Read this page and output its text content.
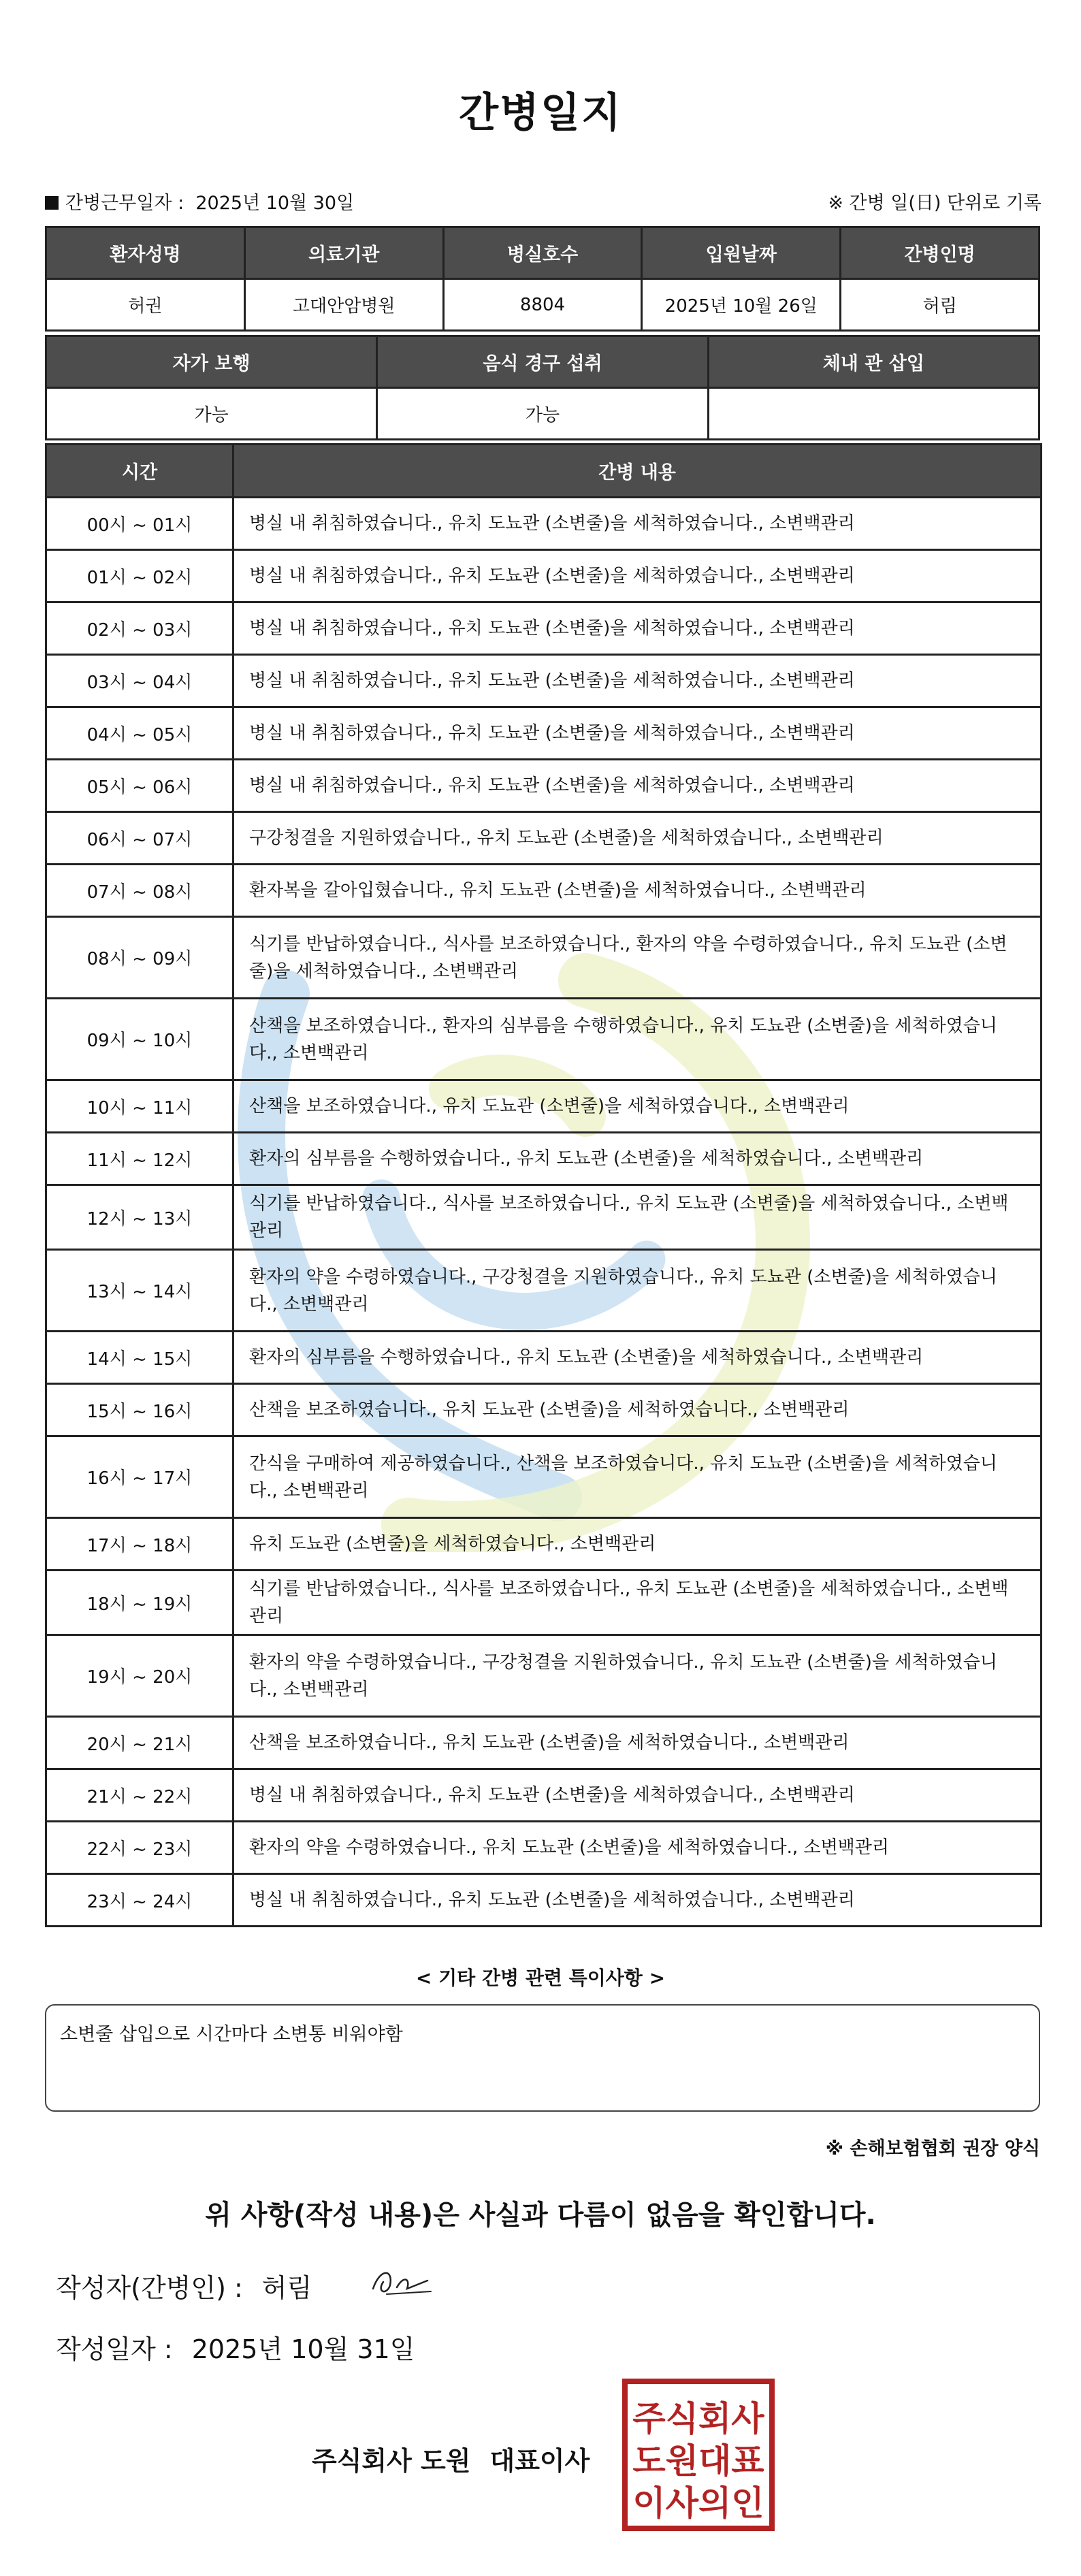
간병일지
간병근무일자 :  2025년 10월 30일	※ 간병 일(日) 단위로 기록
환자성명	의료기관	병실호수	입원날짜	간병인명
허권	고대안암병원	8804	2025년 10월 26일	허림
자가 보행	음식 경구 섭취	체내 관 삽입
가능	가능	
시간	간병 내용
00시 ~ 01시	병실 내 취침하였습니다., 유치 도뇨관 (소변줄)을 세척하였습니다., 소변백관리
01시 ~ 02시	병실 내 취침하였습니다., 유치 도뇨관 (소변줄)을 세척하였습니다., 소변백관리
02시 ~ 03시	병실 내 취침하였습니다., 유치 도뇨관 (소변줄)을 세척하였습니다., 소변백관리
03시 ~ 04시	병실 내 취침하였습니다., 유치 도뇨관 (소변줄)을 세척하였습니다., 소변백관리
04시 ~ 05시	병실 내 취침하였습니다., 유치 도뇨관 (소변줄)을 세척하였습니다., 소변백관리
05시 ~ 06시	병실 내 취침하였습니다., 유치 도뇨관 (소변줄)을 세척하였습니다., 소변백관리
06시 ~ 07시	구강청결을 지원하였습니다., 유치 도뇨관 (소변줄)을 세척하였습니다., 소변백관리
07시 ~ 08시	환자복을 갈아입혔습니다., 유치 도뇨관 (소변줄)을 세척하였습니다., 소변백관리
08시 ~ 09시	식기를 반납하였습니다., 식사를 보조하였습니다., 환자의 약을 수령하였습니다., 유치 도뇨관 (소변줄)을 세척하였습니다., 소변백관리
09시 ~ 10시	산책을 보조하였습니다., 환자의 심부름을 수행하였습니다., 유치 도뇨관 (소변줄)을 세척하였습니다., 소변백관리
10시 ~ 11시	산책을 보조하였습니다., 유치 도뇨관 (소변줄)을 세척하였습니다., 소변백관리
11시 ~ 12시	환자의 심부름을 수행하였습니다., 유치 도뇨관 (소변줄)을 세척하였습니다., 소변백관리
12시 ~ 13시	식기를 반납하였습니다., 식사를 보조하였습니다., 유치 도뇨관 (소변줄)을 세척하였습니다., 소변백관리
13시 ~ 14시	환자의 약을 수령하였습니다., 구강청결을 지원하였습니다., 유치 도뇨관 (소변줄)을 세척하였습니다., 소변백관리
14시 ~ 15시	환자의 심부름을 수행하였습니다., 유치 도뇨관 (소변줄)을 세척하였습니다., 소변백관리
15시 ~ 16시	산책을 보조하였습니다., 유치 도뇨관 (소변줄)을 세척하였습니다., 소변백관리
16시 ~ 17시	간식을 구매하여 제공하였습니다., 산책을 보조하였습니다., 유치 도뇨관 (소변줄)을 세척하였습니다., 소변백관리
17시 ~ 18시	유치 도뇨관 (소변줄)을 세척하였습니다., 소변백관리
18시 ~ 19시	식기를 반납하였습니다., 식사를 보조하였습니다., 유치 도뇨관 (소변줄)을 세척하였습니다., 소변백관리
19시 ~ 20시	환자의 약을 수령하였습니다., 구강청결을 지원하였습니다., 유치 도뇨관 (소변줄)을 세척하였습니다., 소변백관리
20시 ~ 21시	산책을 보조하였습니다., 유치 도뇨관 (소변줄)을 세척하였습니다., 소변백관리
21시 ~ 22시	병실 내 취침하였습니다., 유치 도뇨관 (소변줄)을 세척하였습니다., 소변백관리
22시 ~ 23시	환자의 약을 수령하였습니다., 유치 도뇨관 (소변줄)을 세척하였습니다., 소변백관리
23시 ~ 24시	병실 내 취침하였습니다., 유치 도뇨관 (소변줄)을 세척하였습니다., 소변백관리
< 기타 간병 관련 특이사항 >
소변줄 삽입으로 시간마다 소변통 비워야함
※ 손해보험협회 권장 양식
위 사항(작성 내용)은 사실과 다름이 없음을 확인합니다.
작성자(간병인) : 허림
작성일자 : 2025년 10월 31일
주식회사 도원 대표이사
주식회사
도원대표
이사의인
